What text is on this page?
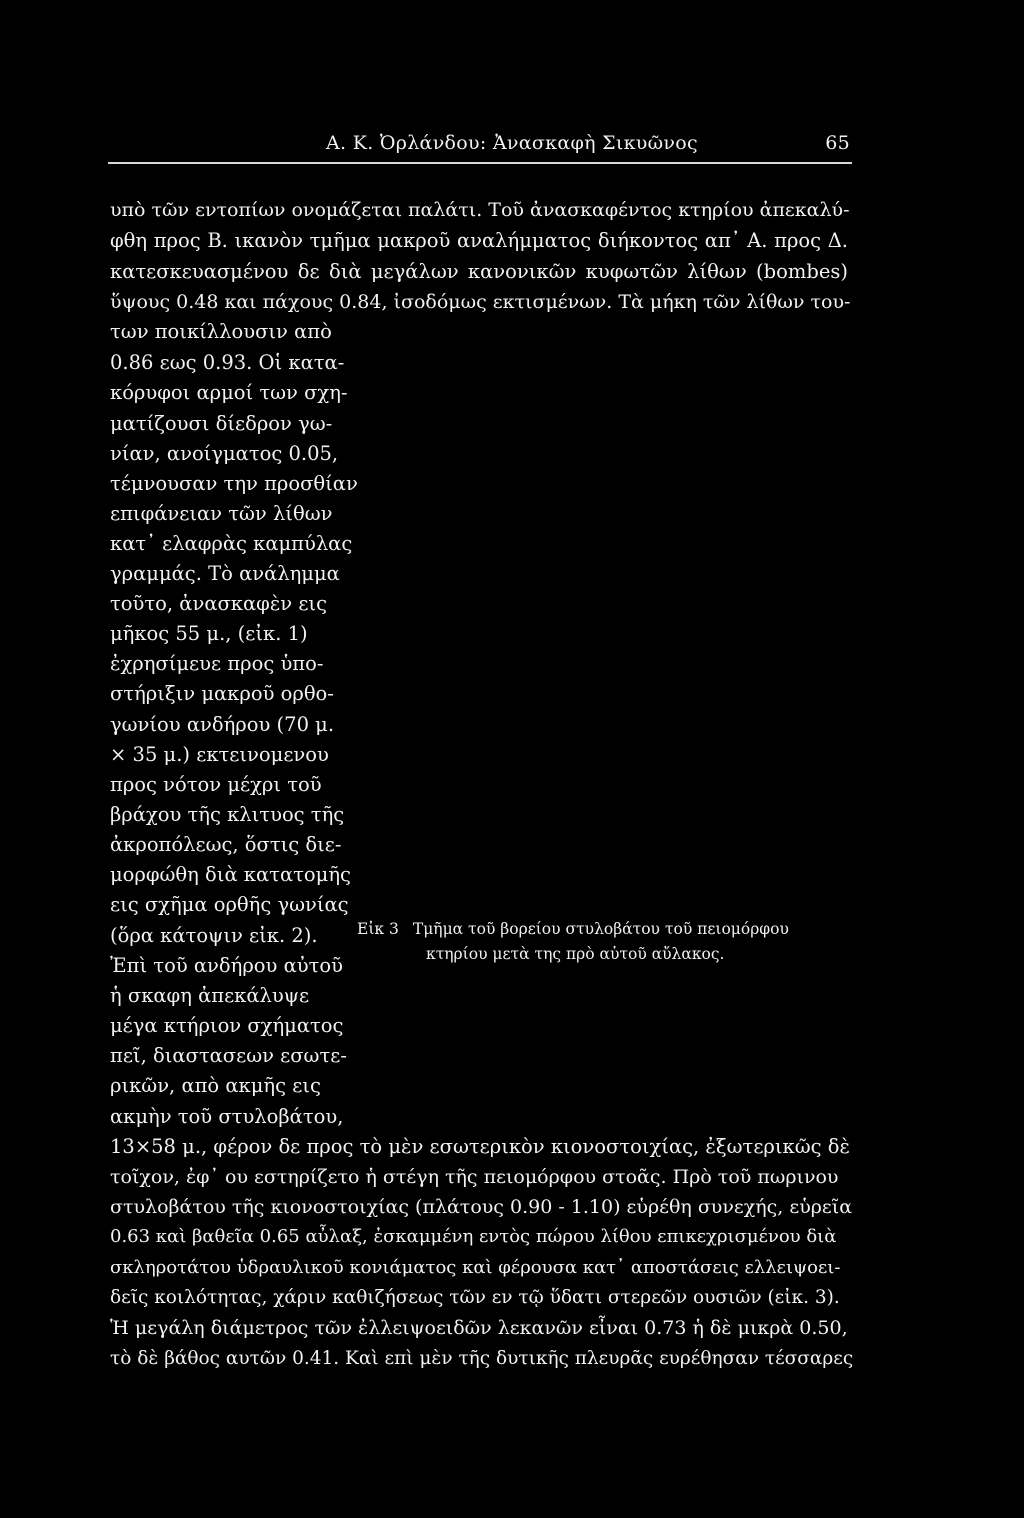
Α. Κ. Ὀρλάνδου: Ἀνασκαφὴ Σικυῶνος	65
υπὸ τῶν εντοπίων ονομάζεται παλάτι. Τοῦ ἀνασκαφέντος κτηρίου ἀπεκαλύ-
φθη προς Β. ικανὸν τμῆμα μακροῦ αναλήμματος διήκοντος απ᾽ Α. προς Δ.
κατεσκευασμένου δε διὰ μεγάλων κανονικῶν κυφωτῶν λίθων (bombes)
ὕψους 0.48 και πάχους 0.84, ἰσοδόμως εκτισμένων. Τὰ μήκη τῶν λίθων του-
των ποικίλλουσιν απὸ
0.86 εως 0.93. Οἱ κατα-
κόρυφοι αρμοί των σχη-
ματίζουσι δίεδρον γω-
νίαν, ανοίγματος 0.05,
τέμνουσαν την προσθίαν
επιφάνειαν τῶν λίθων
κατ᾽ ελαφρὰς καμπύλας
γραμμάς. Τὸ ανάλημμα
τοῦτο, ἀνασκαφὲν εις
μῆκος 55 μ., (εἰκ. 1)
ἐχρησίμευε προς ὑπο-
στήριξιν μακροῦ ορθο-
γωνίου ανδήρου (70 μ.
× 35 μ.) εκτεινομενου
προς νότον μέχρι τοῦ
βράχου τῆς κλιτυος τῆς
ἀκροπόλεως, ὅστις διε-
μορφώθη διὰ κατατομῆς
εις σχῆμα ορθῆς γωνίας
(ὅρα κάτοψιν εἰκ. 2).
Ἐπὶ τοῦ ανδήρου αὐτοῦ
ἡ σκαφη ἀπεκάλυψε
μέγα κτήριον σχήματος
πεῖ, διαστασεων εσωτε-
ρικῶν, απὸ ακμῆς εις
ακμὴν τοῦ στυλοβάτου,
13×58 μ., φέρον δε προς τὸ μὲν εσωτερικὸν κιονοστοιχίας, ἐξωτερικῶς δὲ
τοῖχον, ἐφ᾽ ου εστηρίζετο ἡ στέγη τῆς πειομόρφου στοᾶς. Πρὸ τοῦ πωρινου
στυλοβάτου τῆς κιονοστοιχίας (πλάτους 0.90 - 1.10) εὑρέθη συνεχής, εὑρεῖα
0.63 καὶ βαθεῖα 0.65 αὖλαξ, ἐσκαμμένη εντὸς πώρου λίθου επικεχρισμένου διὰ
σκληροτάτου ὑδραυλικοῦ κονιάματος καὶ φέρουσα κατ᾽ αποστάσεις ελλειψοει-
δεῖς κοιλότητας, χάριν καθιζήσεως τῶν εν τῷ ὕδατι στερεῶν ουσιῶν (εἰκ. 3).
Ἡ μεγάλη διάμετρος τῶν ἐλλειψοειδῶν λεκανῶν εἶναι 0.73 ἡ δὲ μικρὰ 0.50,
τὸ δὲ βάθος αυτῶν 0.41. Καὶ επὶ μὲν τῆς δυτικῆς πλευρᾶς ευρέθησαν τέσσαρες
Εἰκ 3 Τμῆμα τοῦ βορείου στυλοβάτου τοῦ πειομόρφου
κτηρίου μετὰ της πρὸ αὐτοῦ αὔλακος.
